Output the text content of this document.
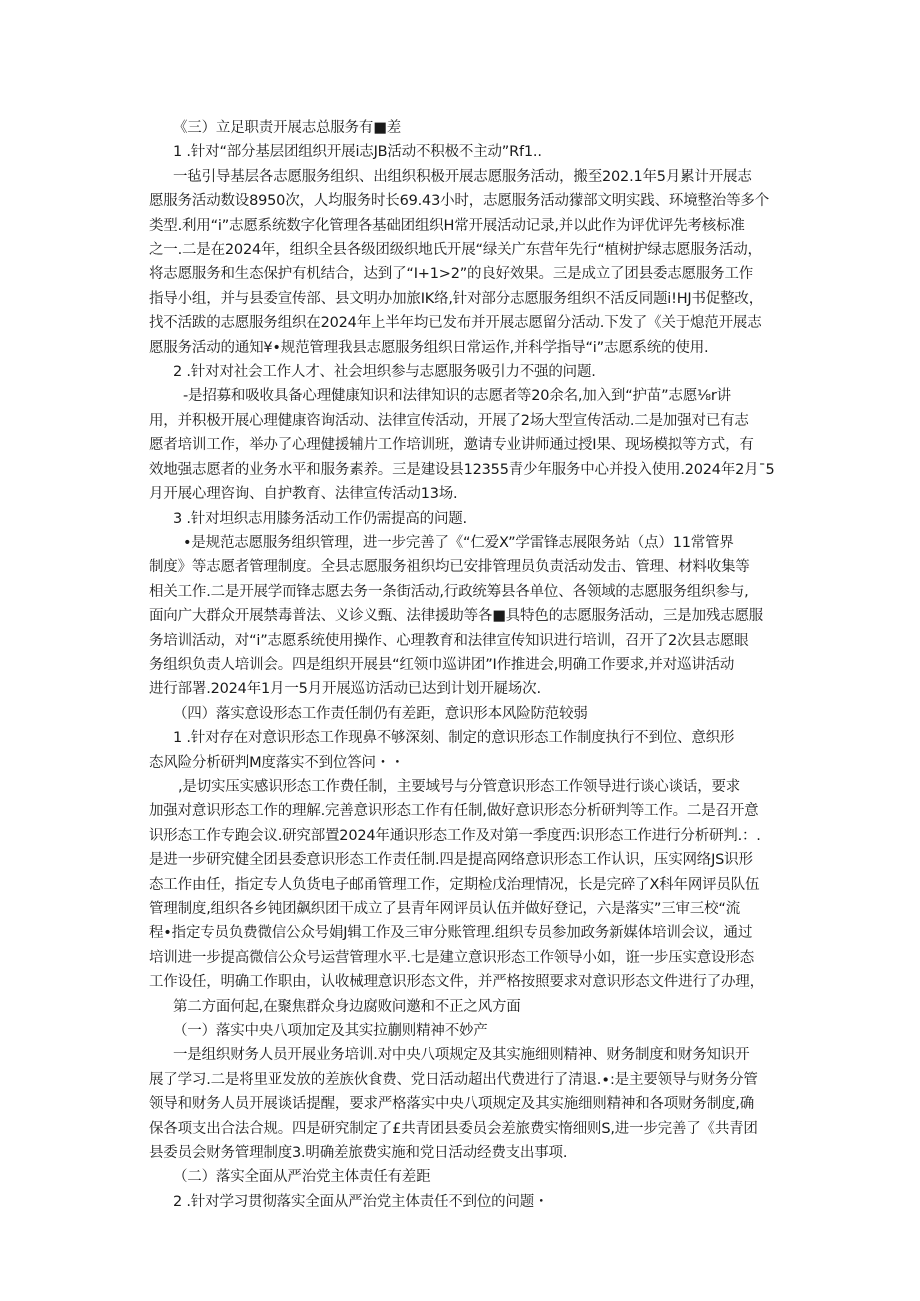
《三）立足职责开展志总服务有■差
1 .针对“部分基层团组织开展i志JB活动不积极不主动”Rf1..
一毡引导基层各志愿服务组织、出组织积极开展志愿服务活动，搬至202.1年5月累计开展志
愿服务活动数设8950次，人均服务时长69.43小时，志愿服务活动獴部文明实践、环境整治等多个
类型.利用“i”志愿系统数字化管理各基础团组织H常开展活动记录,并以此作为评优评先考核标准
之一.二是在2024年，组织全县各级团级织地氏开展“绿关广东营年先行“植树护绿志愿服务活动，
将志愿服务和生态保护有机结合，达到了“I+1>2”的良好效果。三是成立了团县委志愿服务工作
指导小组，并与县委宣传部、县文明办加旅IK络,针对部分志愿服务组织不活反同题i!HJ书促整改，
找不活跋的志愿服务组织在2024年上半年均已发布并开展志愿留分活动.下发了《关于熄范开展志
愿服务活动的通知¥•规范管理我县志愿服务组织日常运作,并科学指导“i”志愿系统的使用.
2 .针对对社会工作人才、社会坦织参与志愿服务吸引力不强的问题.
-是招募和吸收具备心理健康知识和法律知识的志愿者等20余名,加入到“护苗”志愿⅛r讲
用，并积极开展心理健康咨询活动、法律宣传活动，开展了2场大型宣传活动.二是加强对已有志
愿者培训工作，举办了心理健援辅片工作培训班，邀请专业讲师通过授I果、现场模拟等方式，有
效地强志愿者的业务水平和服务素养。三是建设县12355青少年服务中心并投入使用.2024年2月¯5
月开展心理咨询、自护教育、法律宣传活动13场.
3 .针对坦织志用膝务活动工作仍需提高的问题.
•是规范志愿服务组织管理，进一步完善了《“仁爱X”学雷锋志展限务站（点）11常管界
制度》等志愿者管理制度。全县志愿服务祖织均已安排管理员负责活动发击、管理、材料收集等
相关工作.二是开展学而锋志愿去务一条街活动,行政统筹县各单位、各领域的志愿服务组织参与,
面向广大群众开展禁毒普法、义诊义甄、法律援助等各■具特色的志愿服务活动，三是加残志愿服
务培训活动，对“i”志愿系统使用操作、心理教育和法律宣传知识进行培训，召开了2次县志愿眼
务组织负责人培训会。四是组织开展县“红领巾巡讲团”I作推进会,明确工作要求,并对巡讲活动
进行部署.2024年1月一5月开展巡访活动已达到计划开屣场次.
（四）落实意设形态工作责任制仍有差距，意识形本风险防范较弱
1 .针对存在对意识形态工作现鼻不够深刻、制定的意识形态工作制度执行不到位、意织形
态风险分析研判M度落实不到位答问・・
,是切实压实感识形态工作费任制，主要域号与分管意识形态工作领导进行谈心谈话，要求
加强对意识形态工作的理解.完善意识形态工作有任制,做好意识形态分析研判等工作。二是召开意
识形态工作专跑会议.研究部置2024年通识形态工作及对第一季度西:识形态工作进行分析研判.：.
是进一步研究健全团县委意识形态工作责任制.四是提高网络意识形态工作认识，压实网络JS识形
态工作由任，指定专人负货电子邮甬管理工作，定期检戊治理情况，长是完碎了X科年网评员队伍
管理制度,组织各乡钝团飙织团干成立了县青年网评员认伍并做好登记，六是落实”三审三校“流
程•指定专员负费微信公众号娟J辑工作及三审分账管理.组织专员参加政务新媒体培训会议，通过
培训进一步提高微信公众号运营管理水平.七是建立意识形态工作领导小如，诳一步压实意设形态
工作设任，明确工作职由，认收械理意识形态文件，并严格按照要求对意识形态文件进行了办理，
第二方面何起,在聚焦群众身边腐败问邀和不正之风方面
（一）落实中央八项加定及其实拉蒯则精神不妙产
一是组织财务人员开展业务培训.对中央八项规定及其实施细则精神、财务制度和财务知识开
展了学习.二是将里亚发放的差族伙食费、党日活动超出代费进行了清退.∙:是主要领导与财务分管
领导和财务人员开展谈话提醒，要求严格落实中央八项规定及其实施细则精神和各项财务制度,确
保各项支出合法合规。四是研究制定了£共青团县委员会差旅费实惰细则S,进一步完善了《共青团
县委员会财务管理制度3.明确差旅费实施和党日活动经费支出事项.
（二）落实全面从严治党主体责任有差距
2 .针对学习贯彻落实全面从严治党主体责任不到位的问题・
